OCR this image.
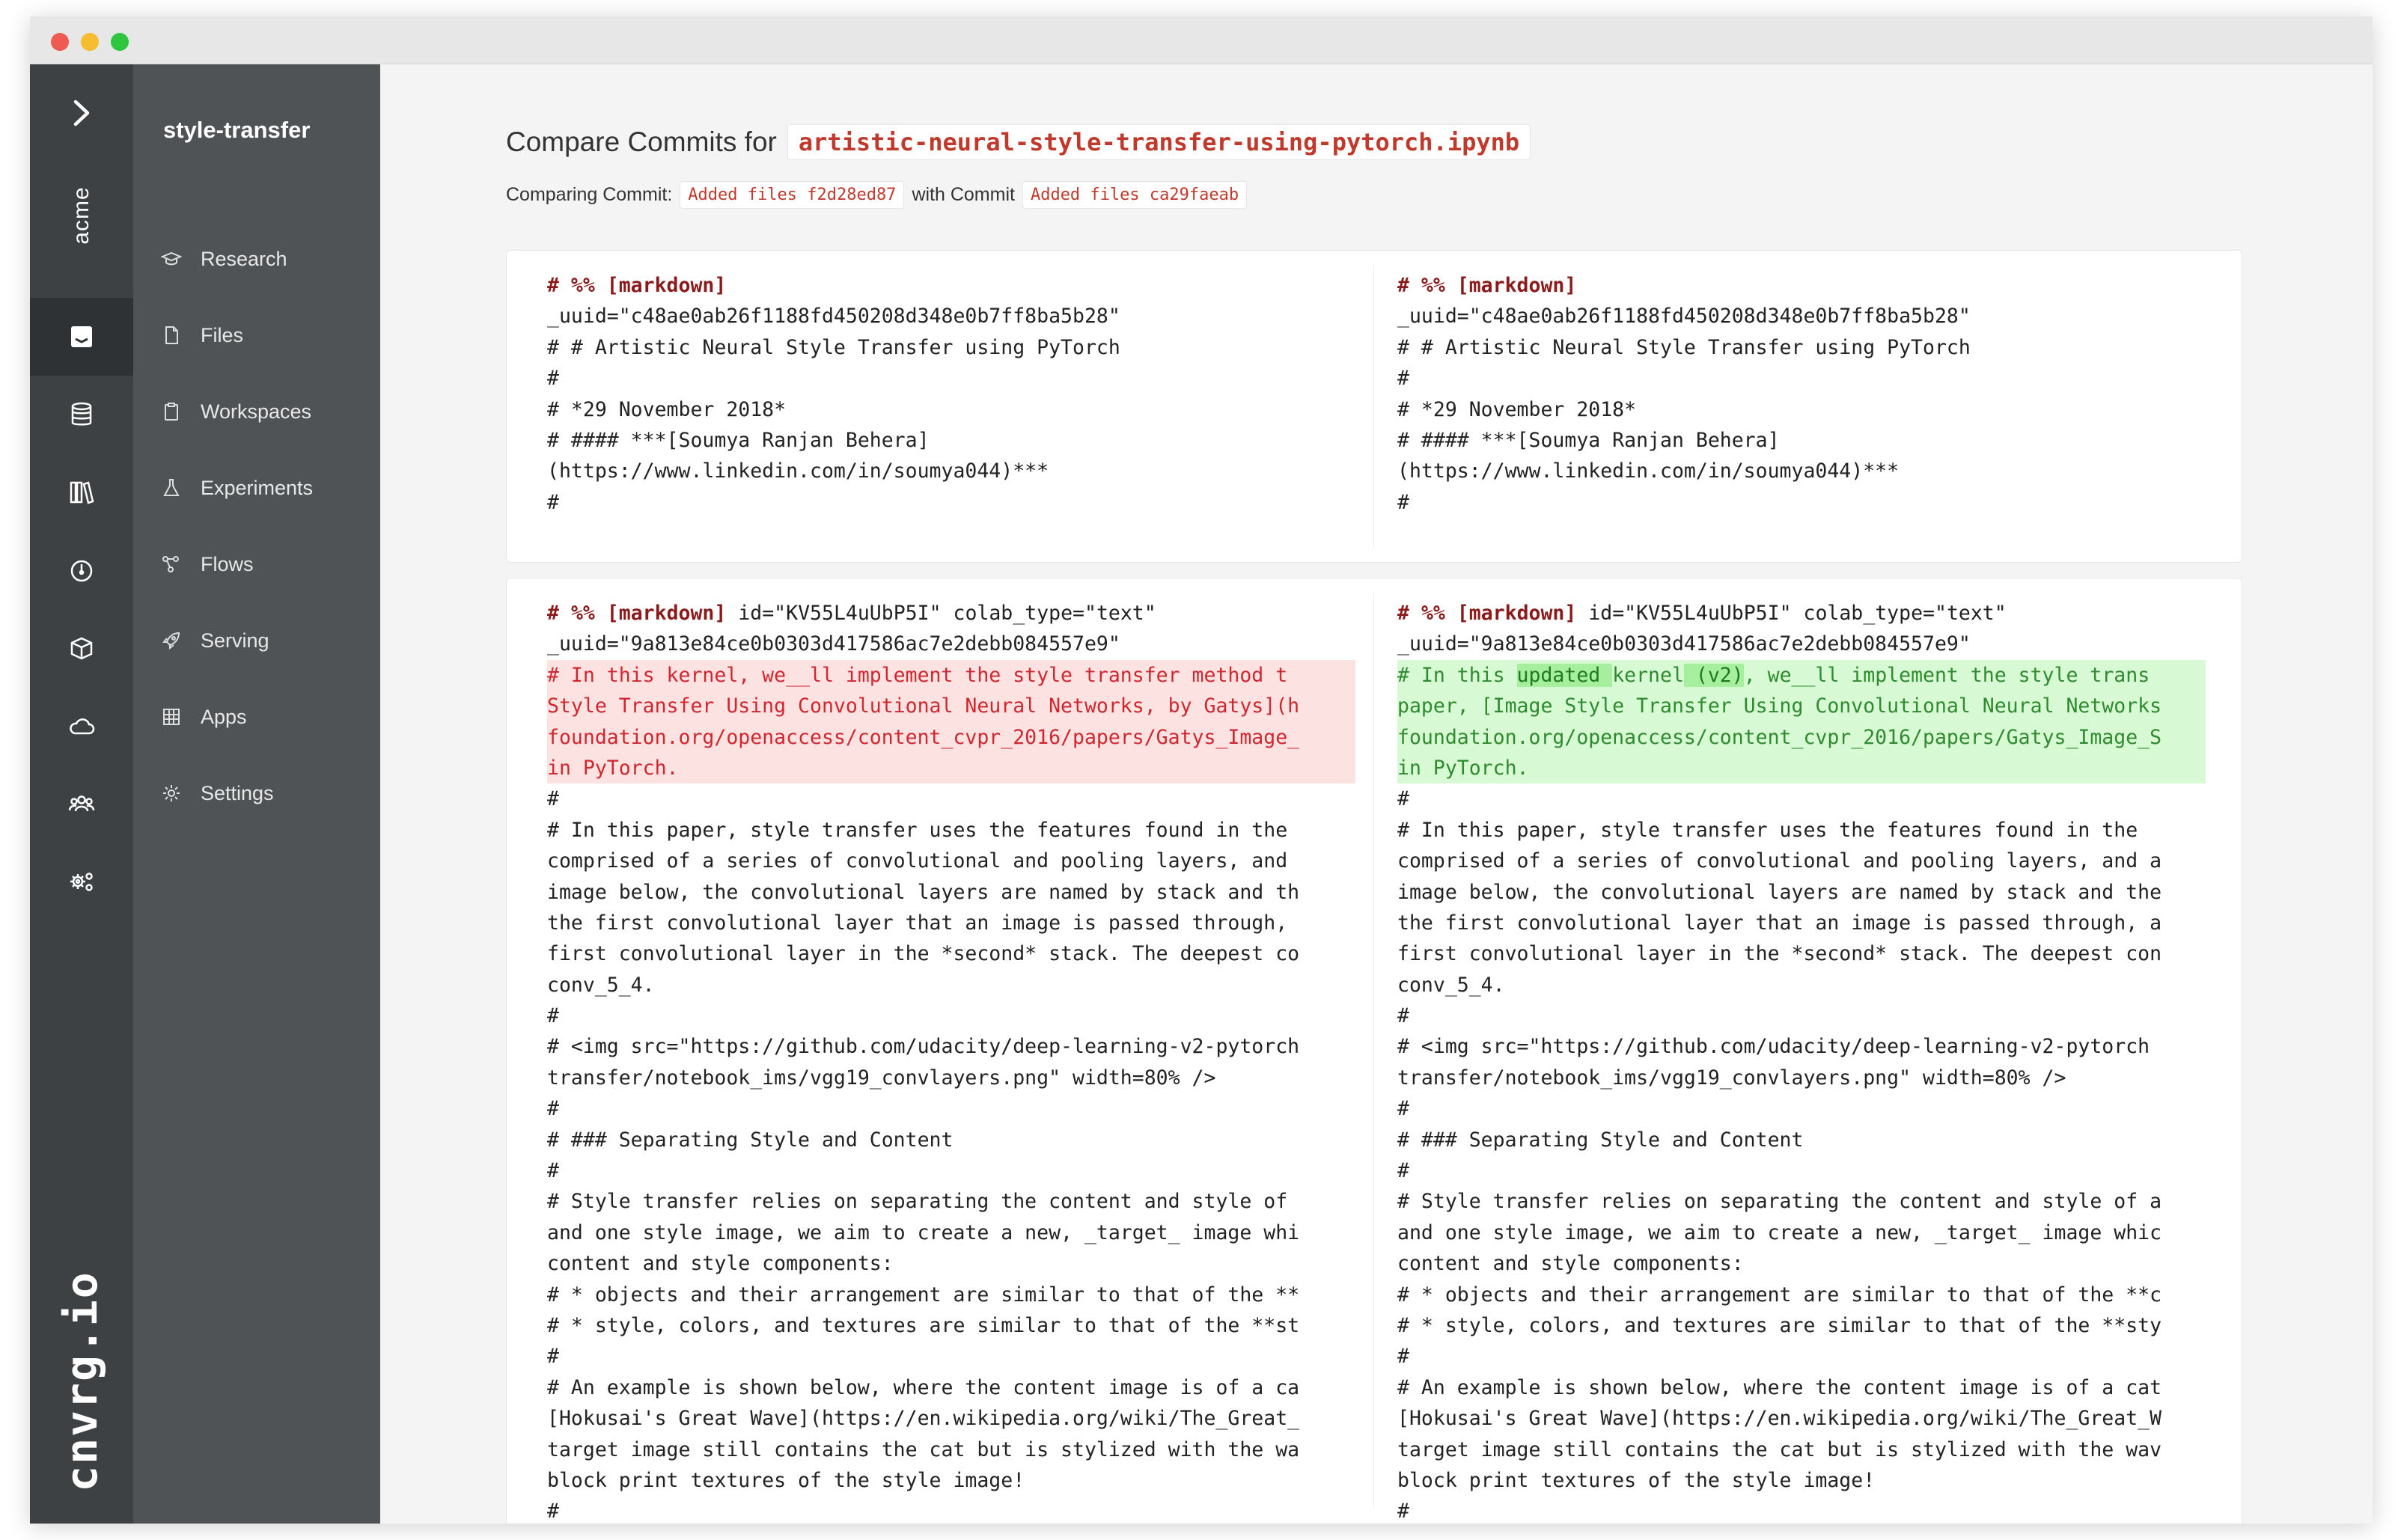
acme
cnvrg.io
style-transfer
Research
Files
Workspaces
Experiments
Flows
Serving
Apps
Settings
Compare Commits for artistic-neural-style-transfer-using-pytorch.ipynb
Comparing Commit: Added files f2d28ed87 with Commit Added files ca29faeab
# %% [markdown]
_uuid="c48ae0ab26f1188fd450208d348e0b7ff8ba5b28"
# # Artistic Neural Style Transfer using PyTorch
#
# *29 November 2018*
# #### ***[Soumya Ranjan Behera]
(https://www.linkedin.com/in/soumya044)***
#
# %% [markdown]
_uuid="c48ae0ab26f1188fd450208d348e0b7ff8ba5b28"
# # Artistic Neural Style Transfer using PyTorch
#
# *29 November 2018*
# #### ***[Soumya Ranjan Behera]
(https://www.linkedin.com/in/soumya044)***
#
# %% [markdown] id="KV55L4uUbP5I" colab_type="text"
_uuid="9a813e84ce0b0303d417586ac7e2debb084557e9"
# In this kernel, we__ll implement the style transfer method t
Style Transfer Using Convolutional Neural Networks, by Gatys](h
foundation.org/openaccess/content_cvpr_2016/papers/Gatys_Image_
in PyTorch.
#
# In this paper, style transfer uses the features found in the
comprised of a series of convolutional and pooling layers, and
image below, the convolutional layers are named by stack and th
the first convolutional layer that an image is passed through,
first convolutional layer in the *second* stack. The deepest co
conv_5_4.
#
# <img src="https://github.com/udacity/deep-learning-v2-pytorch
transfer/notebook_ims/vgg19_convlayers.png" width=80% />
#
# ### Separating Style and Content
#
# Style transfer relies on separating the content and style of
and one style image, we aim to create a new, _target_ image whi
content and style components:
# * objects and their arrangement are similar to that of the **
# * style, colors, and textures are similar to that of the **st
#
# An example is shown below, where the content image is of a ca
[Hokusai's Great Wave](https://en.wikipedia.org/wiki/The_Great_
target image still contains the cat but is stylized with the wa
block print textures of the style image!
#
# %% [markdown] id="KV55L4uUbP5I" colab_type="text"
_uuid="9a813e84ce0b0303d417586ac7e2debb084557e9"
# In this updated kernel (v2), we__ll implement the style trans
paper, [Image Style Transfer Using Convolutional Neural Networks
foundation.org/openaccess/content_cvpr_2016/papers/Gatys_Image_S
in PyTorch.
#
# In this paper, style transfer uses the features found in the
comprised of a series of convolutional and pooling layers, and a
image below, the convolutional layers are named by stack and the
the first convolutional layer that an image is passed through, a
first convolutional layer in the *second* stack. The deepest con
conv_5_4.
#
# <img src="https://github.com/udacity/deep-learning-v2-pytorch
transfer/notebook_ims/vgg19_convlayers.png" width=80% />
#
# ### Separating Style and Content
#
# Style transfer relies on separating the content and style of a
and one style image, we aim to create a new, _target_ image whic
content and style components:
# * objects and their arrangement are similar to that of the **c
# * style, colors, and textures are similar to that of the **sty
#
# An example is shown below, where the content image is of a cat
[Hokusai's Great Wave](https://en.wikipedia.org/wiki/The_Great_W
target image still contains the cat but is stylized with the wav
block print textures of the style image!
#
